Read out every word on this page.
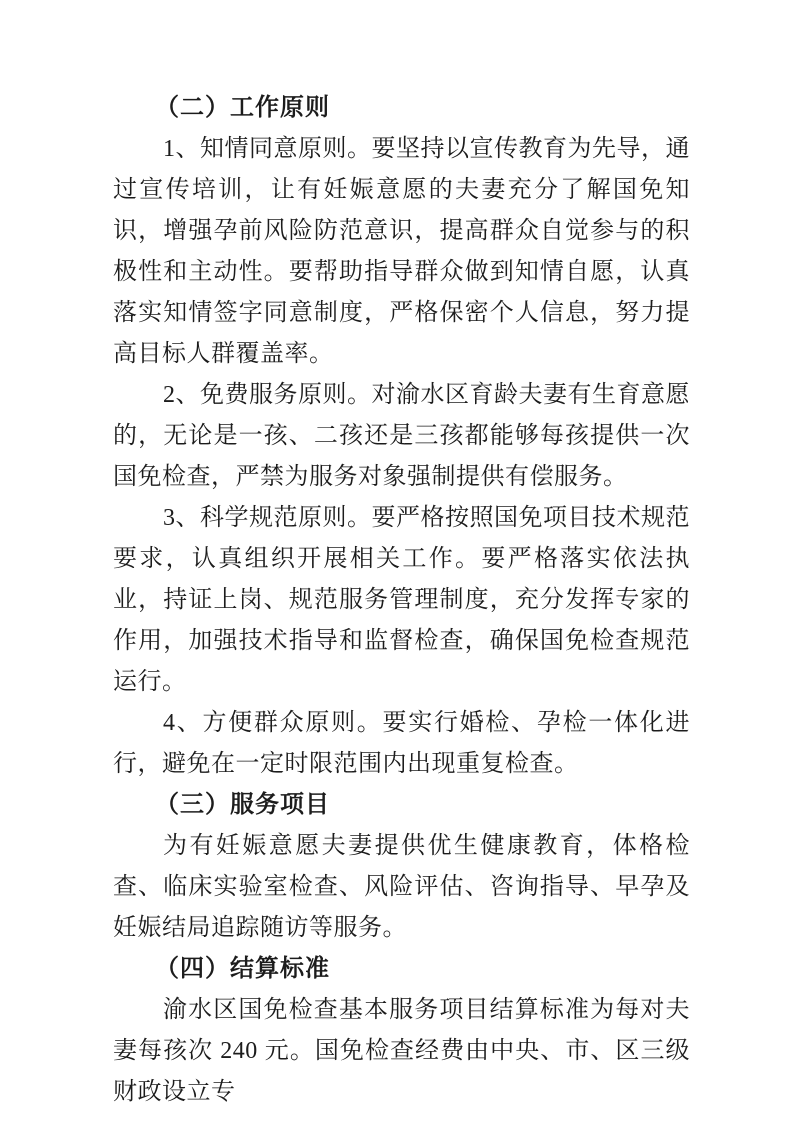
（二）工作原则

1、知情同意原则。要坚持以宣传教育为先导，通过宣传培训，让有妊娠意愿的夫妻充分了解国免知识，增强孕前风险防范意识，提高群众自觉参与的积极性和主动性。要帮助指导群众做到知情自愿，认真落实知情签字同意制度，严格保密个人信息，努力提高目标人群覆盖率。

2、免费服务原则。对渝水区育龄夫妻有生育意愿的，无论是一孩、二孩还是三孩都能够每孩提供一次国免检查，严禁为服务对象强制提供有偿服务。

3、科学规范原则。要严格按照国免项目技术规范要求，认真组织开展相关工作。要严格落实依法执业，持证上岗、规范服务管理制度，充分发挥专家的作用，加强技术指导和监督检查，确保国免检查规范运行。

4、方便群众原则。要实行婚检、孕检一体化进行，避免在一定时限范围内出现重复检查。

（三）服务项目

为有妊娠意愿夫妻提供优生健康教育，体格检查、临床实验室检查、风险评估、咨询指导、早孕及妊娠结局追踪随访等服务。

（四）结算标准

渝水区国免检查基本服务项目结算标准为每对夫妻每孩次 240 元。国免检查经费由中央、市、区三级财政设立专
